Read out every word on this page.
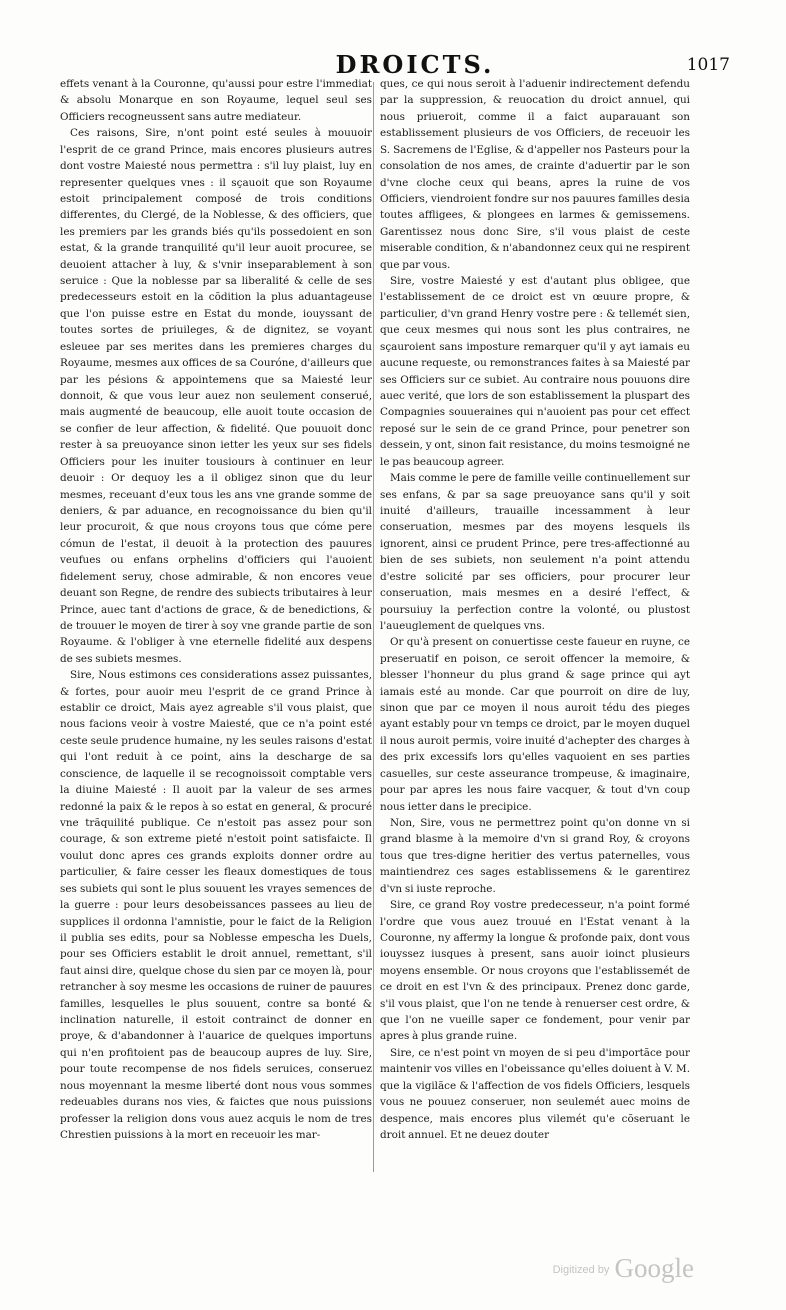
DROICTS.	1017

effets venant à la Couronne, qu'aussi pour estre l'immediat & absolu Monarque en son Royaume, lequel seul ses Officiers recogneussent sans autre mediateur.

Ces raisons, Sire, n'ont point esté seules à mouuoir l'esprit de ce grand Prince, mais encores plusieurs autres dont vostre Maiesté nous permettra : s'il luy plaist, luy en representer quelques vnes : il sçauoit que son Royaume estoit principalement composé de trois conditions differentes, du Clergé, de la Noblesse, & des officiers, que les premiers par les grands biés qu'ils possedoient en son estat, & la grande tranquilité qu'il leur auoit procuree, se deuoient attacher à luy, & s'vnir inseparablement à son seruice : Que la noblesse par sa liberalité & celle de ses predecesseurs estoit en la cõdition la plus aduantageuse que l'on puisse estre en Estat du monde, iouyssant de toutes sortes de priuileges, & de dignitez, se voyant esleuee par ses merites dans les premieres charges du Royaume, mesmes aux offices de sa Couróne, d'ailleurs que par les pésions & appointemens que sa Maiesté leur donnoit, & que vous leur auez non seulement conserué, mais augmenté de beaucoup, elle auoit toute occasion de se confier de leur affection, & fidelité. Que pouuoit donc rester à sa preuoyance sinon ietter les yeux sur ses fidels Officiers pour les inuiter tousiours à continuer en leur deuoir : Or dequoy les a il obligez sinon que du leur mesmes, receuant d'eux tous les ans vne grande somme de deniers, & par aduance, en recognoissance du bien qu'il leur procuroit, & que nous croyons tous que cóme pere cómun de l'estat, il deuoit à la protection des pauures veufues ou enfans orphelins d'officiers qui l'auoient fidelement seruy, chose admirable, & non encores veue deuant son Regne, de rendre des subiects tributaires à leur Prince, auec tant d'actions de grace, & de benedictions, & de trouuer le moyen de tirer à soy vne grande partie de son Royaume. & l'obliger à vne eternelle fidelité aux despens de ses subiets mesmes.

Sire, Nous estimons ces considerations assez puissantes, & fortes, pour auoir meu l'esprit de ce grand Prince à establir ce droict, Mais ayez agreable s'il vous plaist, que nous facions veoir à vostre Maiesté, que ce n'a point esté ceste seule prudence humaine, ny les seules raisons d'estat qui l'ont reduit à ce point, ains la descharge de sa conscience, de laquelle il se recognoissoit comptable vers la diuine Maiesté : Il auoit par la valeur de ses armes redonné la paix & le repos à so estat en general, & procuré vne trãquilité publique. Ce n'estoit pas assez pour son courage, & son extreme pieté n'estoit point satisfaicte. Il voulut donc apres ces grands exploits donner ordre au particulier, & faire cesser les fleaux domestiques de tous ses subiets qui sont le plus souuent les vrayes semences de la guerre : pour leurs desobeissances passees au lieu de supplices il ordonna l'amnistie, pour le faict de la Religion il publia ses edits, pour sa Noblesse empescha les Duels, pour ses Officiers establit le droit annuel, remettant, s'il faut ainsi dire, quelque chose du sien par ce moyen là, pour retrancher à soy mesme les occasions de ruiner de pauures familles, lesquelles le plus souuent, contre sa bonté & inclination naturelle, il estoit contrainct de donner en proye, & d'abandonner à l'auarice de quelques importuns qui n'en profitoient pas de beaucoup aupres de luy. Sire, pour toute recompense de nos fidels seruices, conseruez nous moyennant la mesme liberté dont nous vous sommes redeuables durans nos vies, & faictes que nous puissions professer la religion dons vous auez acquis le nom de tres Chrestien puissions à la mort en receuoir les mar-

ques, ce qui nous seroit à l'aduenir indirectement defendu par la suppression, & reuocation du droict annuel, qui nous priueroit, comme il a faict auparauant son establissement plusieurs de vos Officiers, de receuoir les S. Sacremens de l'Eglise, & d'appeller nos Pasteurs pour la consolation de nos ames, de crainte d'aduertir par le son d'vne cloche ceux qui beans, apres la ruine de vos Officiers, viendroient fondre sur nos pauures familles desia toutes affligees, & plongees en larmes & gemissemens. Garentissez nous donc Sire, s'il vous plaist de ceste miserable condition, & n'abandonnez ceux qui ne respirent que par vous.

Sire, vostre Maiesté y est d'autant plus obligee, que l'establissement de ce droict est vn œuure propre, & particulier, d'vn grand Henry vostre pere : & tellemét sien, que ceux mesmes qui nous sont les plus contraires, ne sçauroient sans imposture remarquer qu'il y ayt iamais eu aucune requeste, ou remonstrances faites à sa Maiesté par ses Officiers sur ce subiet. Au contraire nous pouuons dire auec verité, que lors de son establissement la pluspart des Compagnies souueraines qui n'auoient pas pour cet effect reposé sur le sein de ce grand Prince, pour penetrer son dessein, y ont, sinon fait resistance, du moins tesmoigné ne le pas beaucoup agreer.

Mais comme le pere de famille veille continuellement sur ses enfans, & par sa sage preuoyance sans qu'il y soit inuité d'ailleurs, trauaille incessamment à leur conseruation, mesmes par des moyens lesquels ils ignorent, ainsi ce prudent Prince, pere tres-affectionné au bien de ses subiets, non seulement n'a point attendu d'estre solicité par ses officiers, pour procurer leur conseruation, mais mesmes en a desiré l'effect, & poursuiuy la perfection contre la volonté, ou plustost l'aueuglement de quelques vns.

Or qu'à present on conuertisse ceste faueur en ruyne, ce preseruatif en poison, ce seroit offencer la memoire, & blesser l'honneur du plus grand & sage prince qui ayt iamais esté au monde. Car que pourroit on dire de luy, sinon que par ce moyen il nous auroit tédu des pieges ayant estably pour vn temps ce droict, par le moyen duquel il nous auroit permis, voire inuité d'achepter des charges à des prix excessifs lors qu'elles vaquoient en ses parties casuelles, sur ceste asseurance trompeuse, & imaginaire, pour par apres les nous faire vacquer, & tout d'vn coup nous ietter dans le precipice.

Non, Sire, vous ne permettrez point qu'on donne vn si grand blasme à la memoire d'vn si grand Roy, & croyons tous que tres-digne heritier des vertus paternelles, vous maintiendrez ces sages establissemens & le garentirez d'vn si iuste reproche.

Sire, ce grand Roy vostre predecesseur, n'a point formé l'ordre que vous auez trouué en l'Estat venant à la Couronne, ny affermy la longue & profonde paix, dont vous iouyssez iusques à present, sans auoir ioinct plusieurs moyens ensemble. Or nous croyons que l'establissemét de ce droit en est l'vn & des principaux. Prenez donc garde, s'il vous plaist, que l'on ne tende à renuerser cest ordre, & que l'on ne vueille saper ce fondement, pour venir par apres à plus grande ruine.

Sire, ce n'est point vn moyen de si peu d'importãce pour maintenir vos villes en l'obeissance qu'elles doiuent à V. M. que la vigilãce & l'affection de vos fidels Officiers, lesquels vous ne pouuez conseruer, non seulemét auec moins de despence, mais encores plus vilemét qu'e cõseruant le droit annuel. Et ne deuez douter

$^{Digitized by}$ Google
